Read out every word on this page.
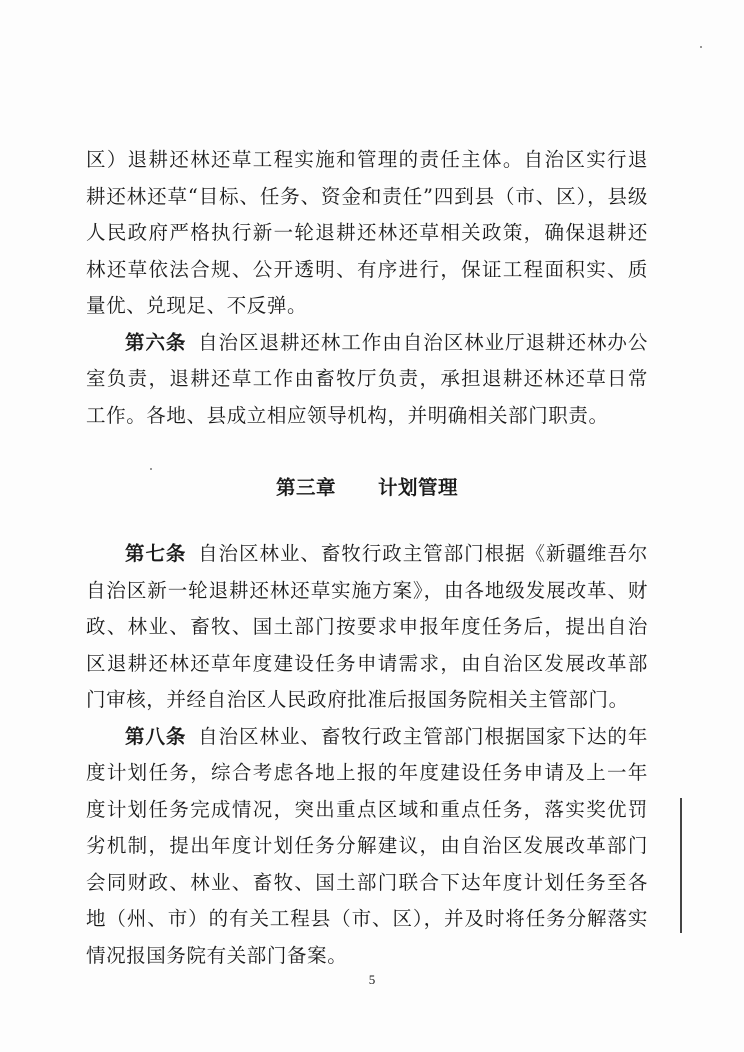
区）退耕还林还草工程实施和管理的责任主体。自治区实行退耕还林还草“目标、任务、资金和责任”四到县（市、区），县级人民政府严格执行新一轮退耕还林还草相关政策，确保退耕还林还草依法合规、公开透明、有序进行，保证工程面积实、质量优、兑现足、不反弹。

第六条 自治区退耕还林工作由自治区林业厅退耕还林办公室负责，退耕还草工作由畜牧厅负责，承担退耕还林还草日常工作。各地、县成立相应领导机构，并明确相关部门职责。

第三章 计划管理

第七条 自治区林业、畜牧行政主管部门根据《新疆维吾尔自治区新一轮退耕还林还草实施方案》，由各地级发展改革、财政、林业、畜牧、国土部门按要求申报年度任务后，提出自治区退耕还林还草年度建设任务申请需求，由自治区发展改革部门审核，并经自治区人民政府批准后报国务院相关主管部门。

第八条 自治区林业、畜牧行政主管部门根据国家下达的年度计划任务，综合考虑各地上报的年度建设任务申请及上一年度计划任务完成情况，突出重点区域和重点任务，落实奖优罚劣机制，提出年度计划任务分解建议，由自治区发展改革部门会同财政、林业、畜牧、国土部门联合下达年度计划任务至各地（州、市）的有关工程县（市、区），并及时将任务分解落实情况报国务院有关部门备案。

5
